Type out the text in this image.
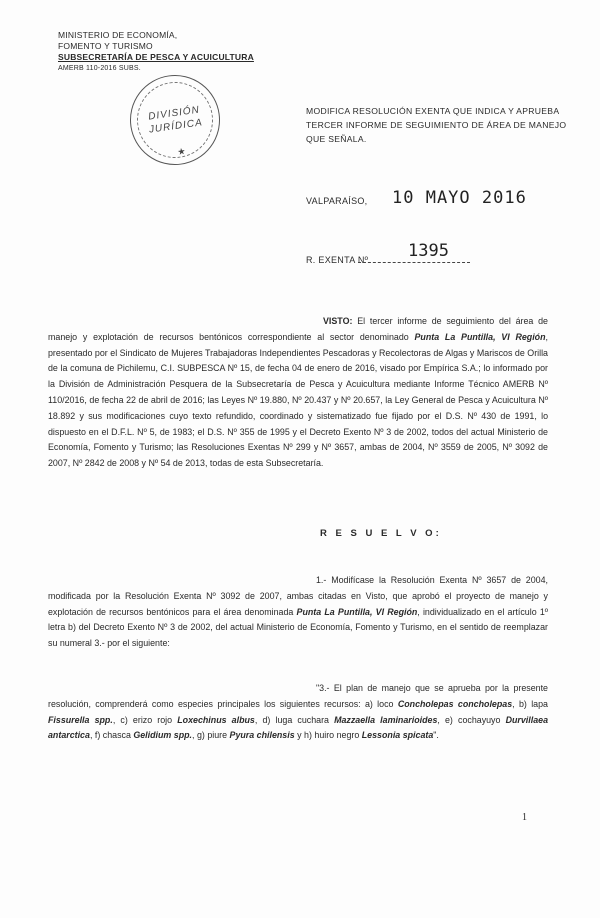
MINISTERIO DE ECONOMÍA,
FOMENTO Y TURISMO
SUBSECRETARÍA DE PESCA Y ACUICULTURA
AMERB 110-2016 SUBS.
DIVISIÓN
JURÍDICA
★
MODIFICA RESOLUCIÓN EXENTA QUE INDICA Y APRUEBA TERCER INFORME DE SEGUIMIENTO DE ÁREA DE MANEJO QUE SEÑALA.
VALPARAÍSO, 10 MAYO 2016
R. EXENTA Nº 1395
VISTO: El tercer informe de seguimiento del área de manejo y explotación de recursos bentónicos correspondiente al sector denominado Punta La Puntilla, VI Región, presentado por el Sindicato de Mujeres Trabajadoras Independientes Pescadoras y Recolectoras de Algas y Mariscos de Orilla de la comuna de Pichilemu, C.I. SUBPESCA Nº 15, de fecha 04 de enero de 2016, visado por Empírica S.A.; lo informado por la División de Administración Pesquera de la Subsecretaría de Pesca y Acuicultura mediante Informe Técnico AMERB Nº 110/2016, de fecha 22 de abril de 2016; las Leyes Nº 19.880, Nº 20.437 y Nº 20.657, la Ley General de Pesca y Acuicultura Nº 18.892 y sus modificaciones cuyo texto refundido, coordinado y sistematizado fue fijado por el D.S. Nº 430 de 1991, lo dispuesto en el D.F.L. Nº 5, de 1983; el D.S. Nº 355 de 1995 y el Decreto Exento Nº 3 de 2002, todos del actual Ministerio de Economía, Fomento y Turismo; las Resoluciones Exentas Nº 299 y Nº 3657, ambas de 2004, Nº 3559 de 2005, Nº 3092 de 2007, Nº 2842 de 2008 y Nº 54 de 2013, todas de esta Subsecretaría.
R E S U E L V O:
1.- Modifícase la Resolución Exenta Nº 3657 de 2004, modificada por la Resolución Exenta Nº 3092 de 2007, ambas citadas en Visto, que aprobó el proyecto de manejo y explotación de recursos bentónicos para el área denominada Punta La Puntilla, VI Región, individualizado en el artículo 1º letra b) del Decreto Exento Nº 3 de 2002, del actual Ministerio de Economía, Fomento y Turismo, en el sentido de reemplazar su numeral 3.- por el siguiente:
"3.- El plan de manejo que se aprueba por la presente resolución, comprenderá como especies principales los siguientes recursos: a) loco Concholepas concholepas, b) lapa Fissurella spp., c) erizo rojo Loxechinus albus, d) luga cuchara Mazzaella laminarioides, e) cochayuyo Durvillaea antarctica, f) chasca Gelidium spp., g) piure Pyura chilensis y h) huiro negro Lessonia spicata".
1
